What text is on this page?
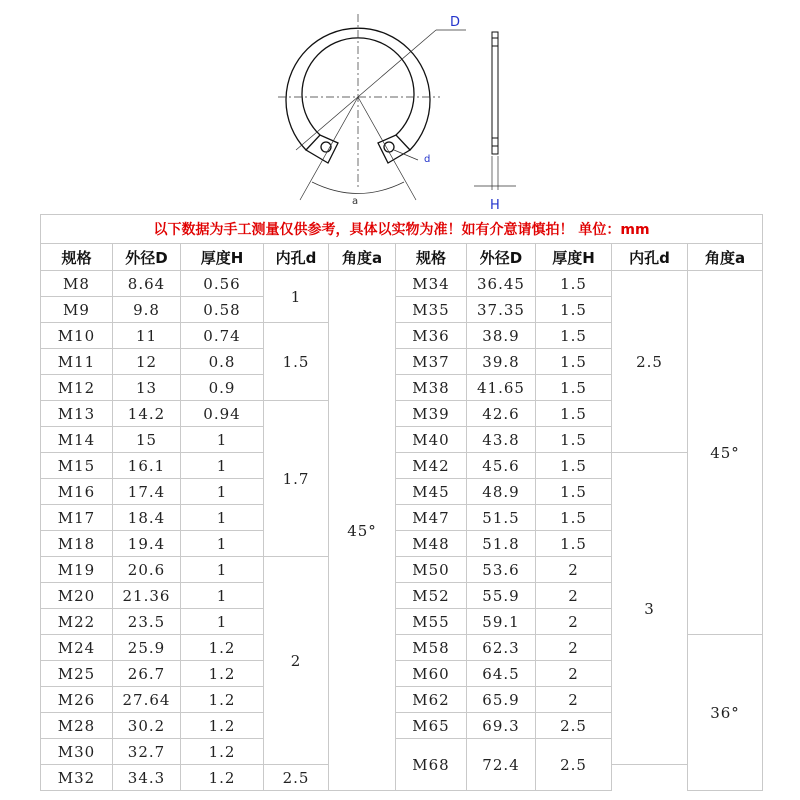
D
a
d
H
以下数据为手工测量仅供参考，具体以实物为准！如有介意请慎拍！ 单位：mm									
规格	外径D	厚度H	内孔d	角度a	规格	外径D	厚度H	内孔d	角度a
M8	8.64	0.56	1	45°	M34	36.45	1.5	2.5	45°
M9	9.8	0.58			M35	37.35	1.5		
M10	11	0.74	1.5		M36	38.9	1.5		
M11	12	0.8			M37	39.8	1.5		
M12	13	0.9			M38	41.65	1.5		
M13	14.2	0.94	1.7		M39	42.6	1.5		
M14	15	1			M40	43.8	1.5		
M15	16.1	1			M42	45.6	1.5	3	
M16	17.4	1			M45	48.9	1.5		
M17	18.4	1			M47	51.5	1.5		
M18	19.4	1			M48	51.8	1.5		
M19	20.6	1	2		M50	53.6	2		
M20	21.36	1			M52	55.9	2		
M22	23.5	1			M55	59.1	2		
M24	25.9	1.2			M58	62.3	2		36°
M25	26.7	1.2			M60	64.5	2		
M26	27.64	1.2			M62	65.9	2		
M28	30.2	1.2			M65	69.3	2.5		
M30	32.7	1.2			M68	72.4	2.5		
M32	34.3	1.2	2.5						
